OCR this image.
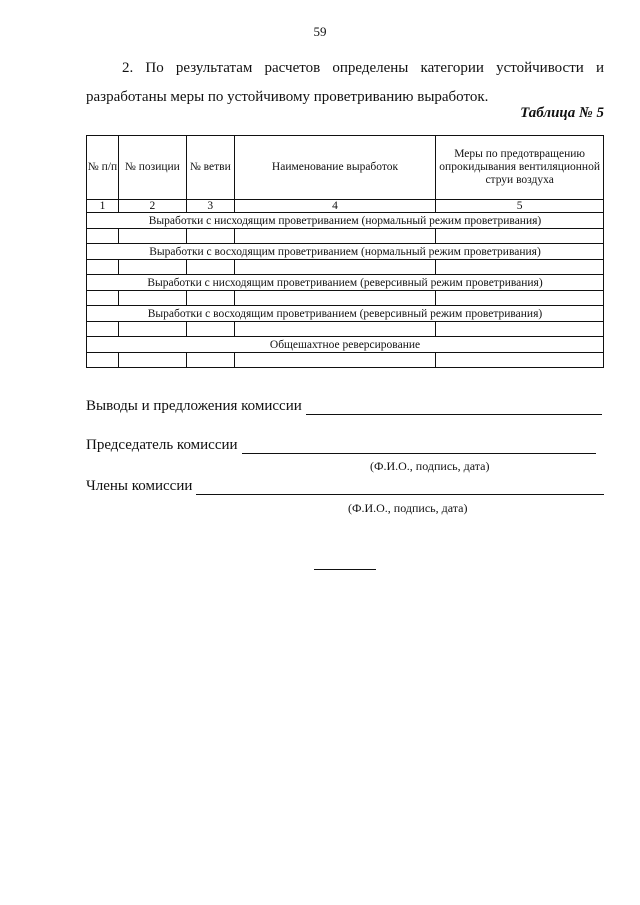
59
2. По результатам расчетов определены категории устойчивости и
разработаны меры по устойчивому проветриванию выработок.
Таблица № 5
№ п/п	№ позиции	№ ветви	Наименование выработок	Меры по предотвращению опрокидывания вентиляционной струи воздуха
1	2	3	4	5
Выработки с нисходящим проветриванием (нормальный режим проветривания)				

Выработки с восходящим проветриванием (нормальный режим проветривания)				

Выработки с нисходящим проветриванием (реверсивный режим проветривания)				

Выработки с восходящим проветриванием (реверсивный режим проветривания)				

Общешахтное реверсирование				

Выводы и предложения комиссии
Председатель комиссии
(Ф.И.О., подпись, дата)
Члены комиссии
(Ф.И.О., подпись, дата)
